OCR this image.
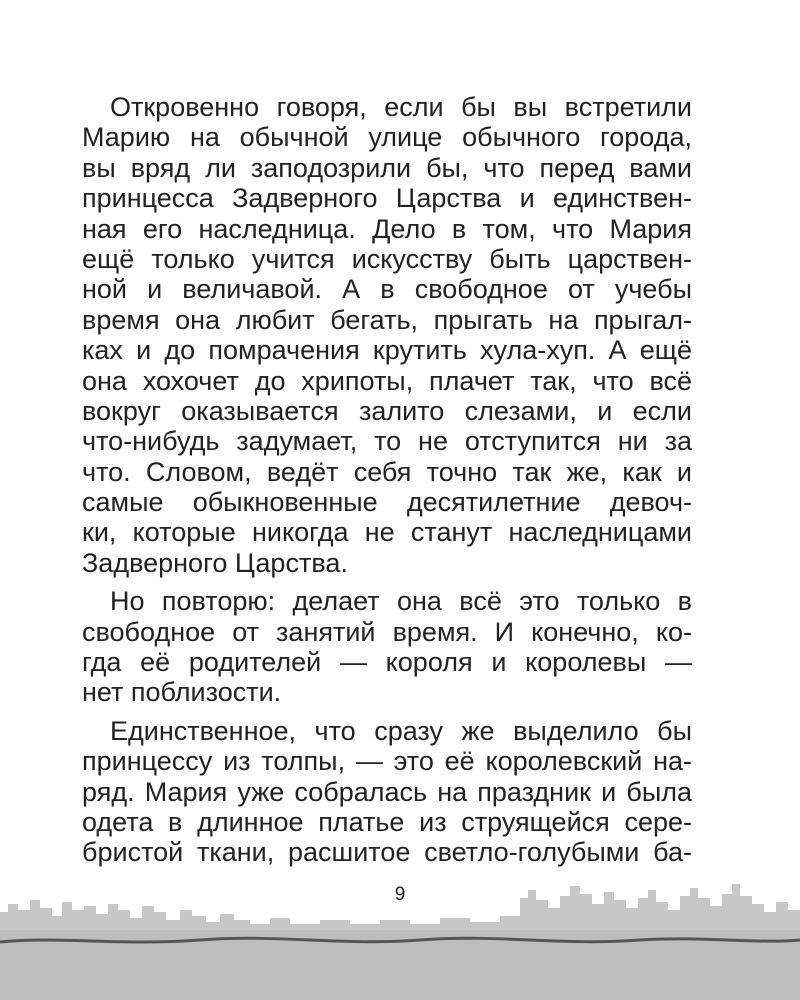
Откровенно говоря, если бы вы встретили
Марию на обычной улице обычного города,
вы вряд ли заподозрили бы, что перед вами
принцесса Задверного Царства и единствен-
ная его наследница. Дело в том, что Мария
ещё только учится искусству быть царствен-
ной и величавой. А в свободное от учебы
время она любит бегать, прыгать на прыгал-
ках и до помрачения крутить хула-хуп. А ещё
она хохочет до хрипоты, плачет так, что всё
вокруг оказывается залито слезами, и если
что-нибудь задумает, то не отступится ни за
что. Словом, ведёт себя точно так же, как и
самые обыкновенные десятилетние девоч-
ки, которые никогда не станут наследницами
Задверного Царства.
Но повторю: делает она всё это только в
свободное от занятий время. И конечно, ко-
гда её родителей — короля и королевы —
нет поблизости.
Единственное, что сразу же выделило бы
принцессу из толпы, — это её королевский на-
ряд. Мария уже собралась на праздник и была
одета в длинное платье из струящейся сере-
бристой ткани, расшитое светло-голубыми ба-
9
